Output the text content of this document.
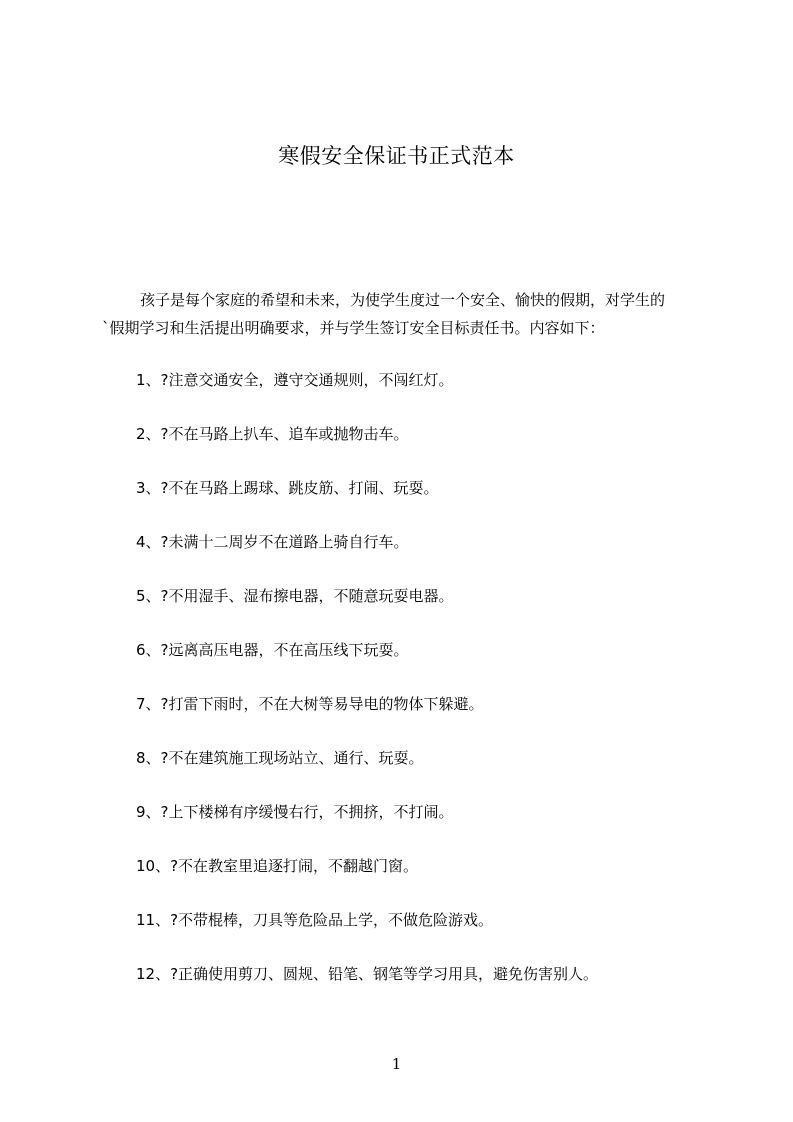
寒假安全保证书正式范本
孩子是每个家庭的希望和未来，为使学生度过一个安全、愉快的假期，对学生的
`假期学习和生活提出明确要求，并与学生签订安全目标责任书。内容如下：
1、?注意交通安全，遵守交通规则，不闯红灯。
2、?不在马路上扒车、追车或抛物击车。
3、?不在马路上踢球、跳皮筋、打闹、玩耍。
4、?未满十二周岁不在道路上骑自行车。
5、?不用湿手、湿布擦电器，不随意玩耍电器。
6、?远离高压电器，不在高压线下玩耍。
7、?打雷下雨时，不在大树等易导电的物体下躲避。
8、?不在建筑施工现场站立、通行、玩耍。
9、?上下楼梯有序缓慢右行，不拥挤，不打闹。
10、?不在教室里追逐打闹，不翻越门窗。
11、?不带棍棒，刀具等危险品上学，不做危险游戏。
12、?正确使用剪刀、圆规、铅笔、钢笔等学习用具，避免伤害别人。
1
